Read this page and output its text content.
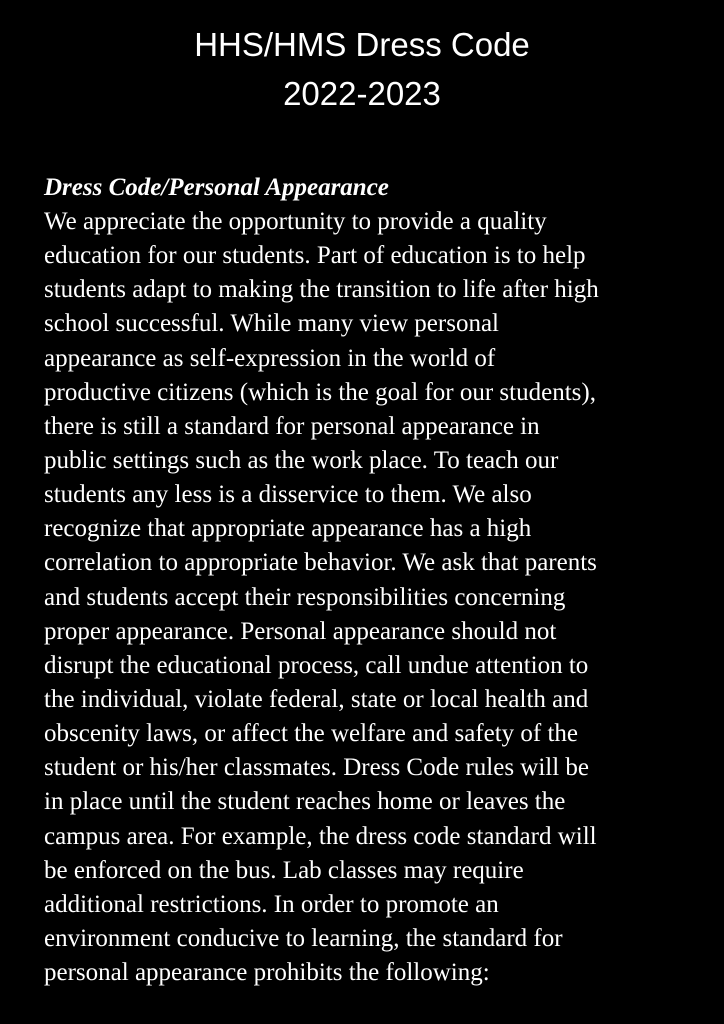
HHS/HMS Dress Code
2022-2023
Dress Code/Personal Appearance
We appreciate the opportunity to provide a quality
education for our students. Part of education is to help
students adapt to making the transition to life after high
school successful. While many view personal
appearance as self-expression in the world of
productive citizens (which is the goal for our students),
there is still a standard for personal appearance in
public settings such as the work place. To teach our
students any less is a disservice to them. We also
recognize that appropriate appearance has a high
correlation to appropriate behavior. We ask that parents
and students accept their responsibilities concerning
proper appearance. Personal appearance should not
disrupt the educational process, call undue attention to
the individual, violate federal, state or local health and
obscenity laws, or affect the welfare and safety of the
student or his/her classmates. Dress Code rules will be
in place until the student reaches home or leaves the
campus area. For example, the dress code standard will
be enforced on the bus. Lab classes may require
additional restrictions. In order to promote an
environment conducive to learning, the standard for
personal appearance prohibits the following:
